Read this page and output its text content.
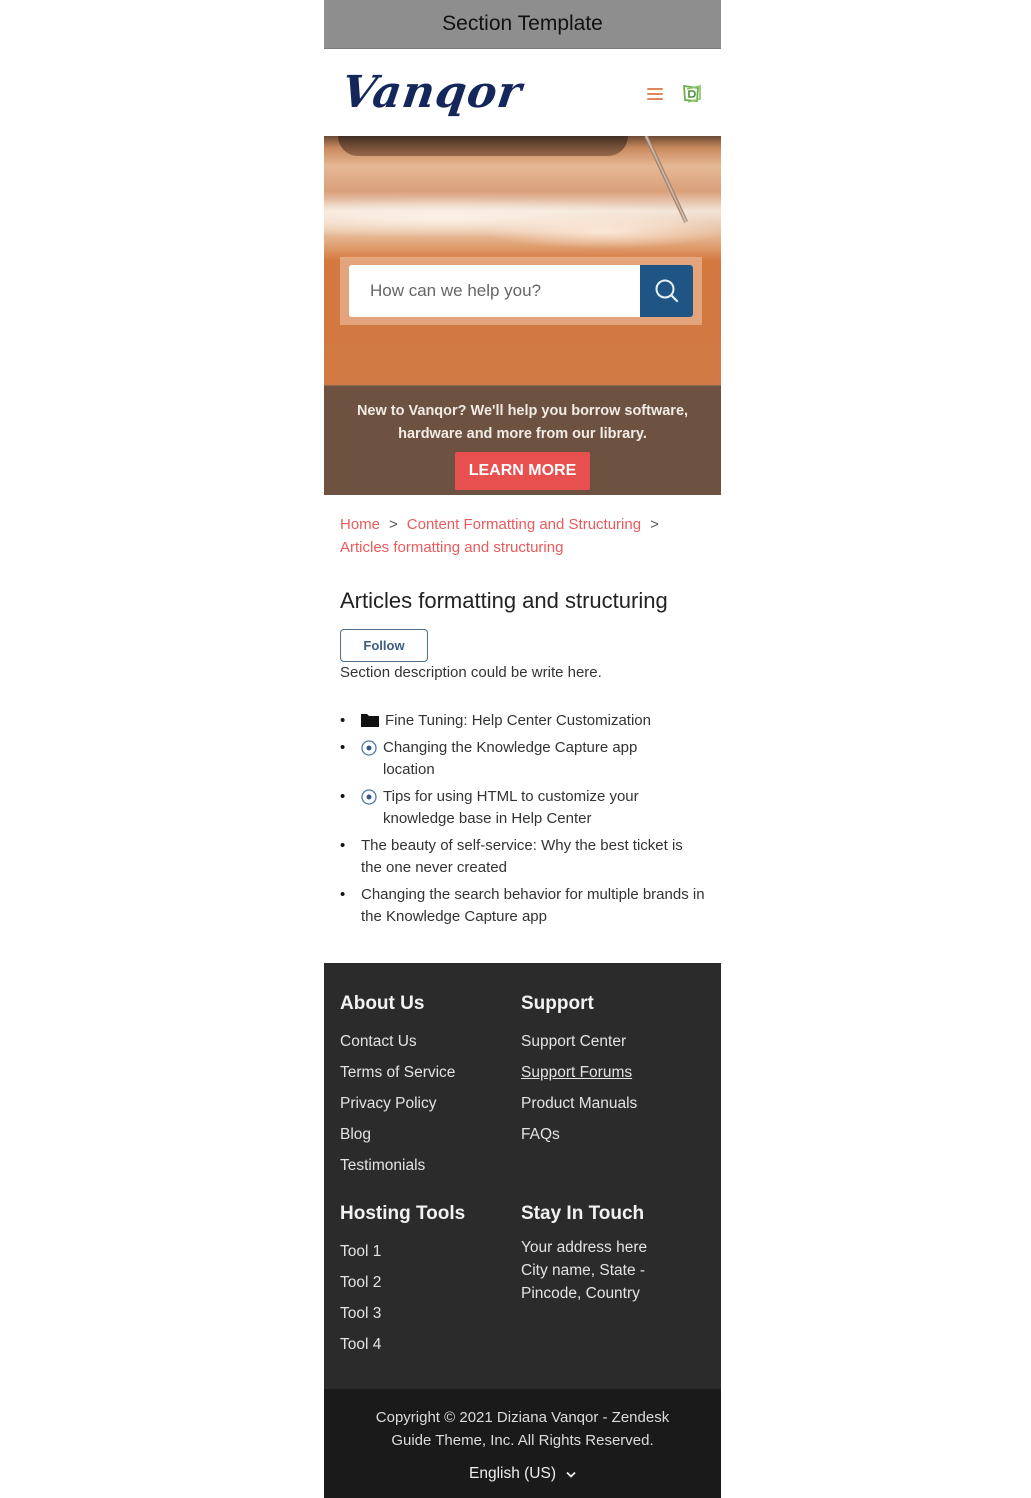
Section Template
Vanqor
How can we help you?

New to Vanqor? We'll help you borrow software, hardware and more from our library.

LEARN MORE
Home > Content Formatting and Structuring >
Articles formatting and structuring
Articles formatting and structuring
Follow

Section description could be write here.

• Fine Tuning: Help Center Customization
• Changing the Knowledge Capture app location
• Tips for using HTML to customize your knowledge base in Help Center
• The beauty of self-service: Why the best ticket is the one never created
• Changing the search behavior for multiple brands in the Knowledge Capture app
About Us
Contact Us
Terms of Service
Privacy Policy
Blog
Testimonials
Support
Support Center
Support Forums
Product Manuals
FAQs
Hosting Tools
Tool 1
Tool 2
Tool 3
Tool 4
Stay In Touch

Your address here

City name, State -

Pincode, Country

Copyright © 2021 Diziana Vanqor - Zendesk Guide Theme, Inc. All Rights Reserved.

English (US)
